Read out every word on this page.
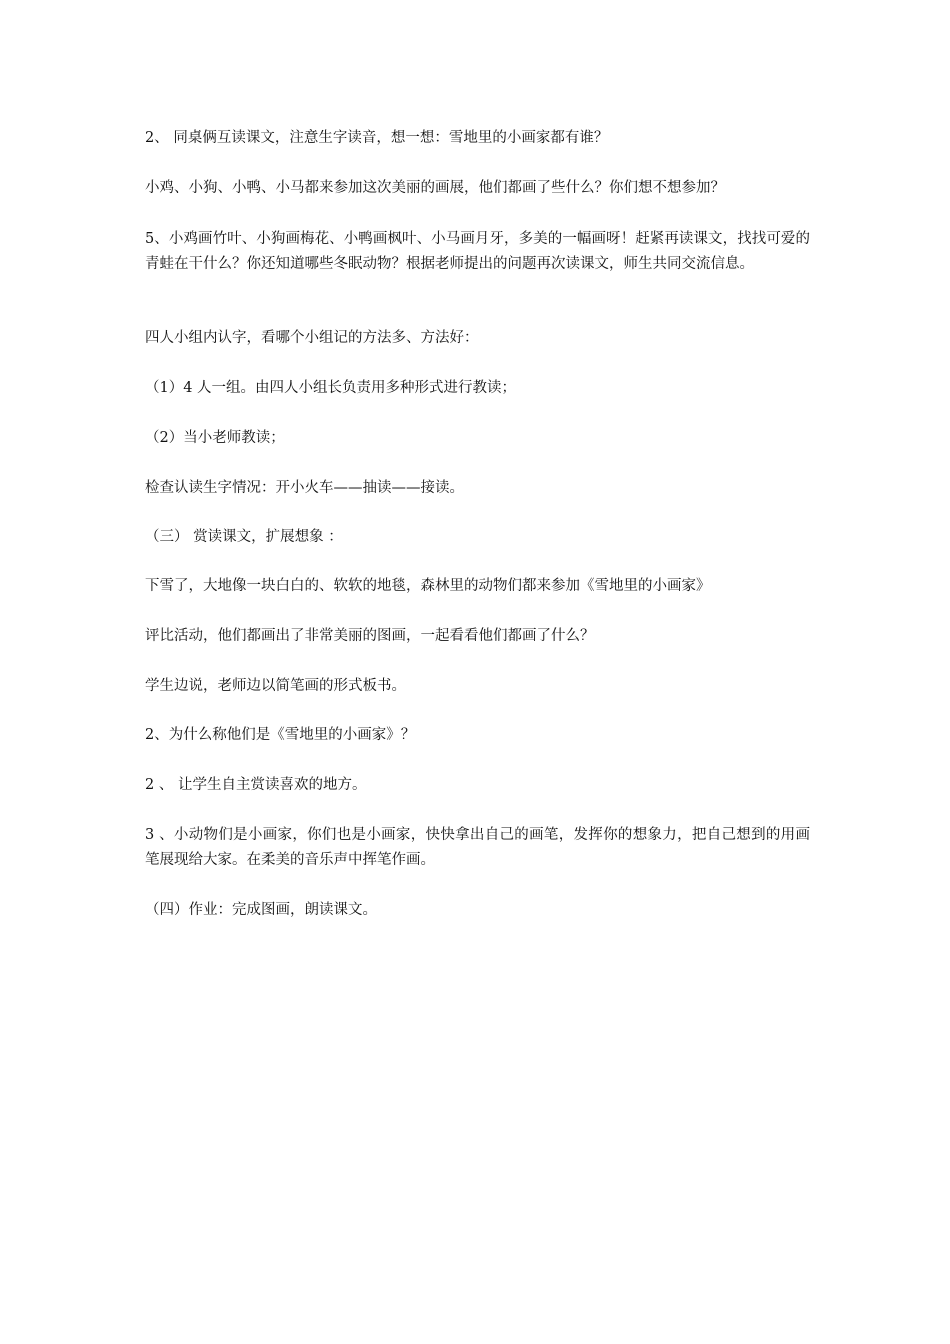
2、 同桌俩互读课文，注意生字读音，想一想：雪地里的小画家都有谁？

小鸡、小狗、小鸭、小马都来参加这次美丽的画展，他们都画了些什么？你们想不想参加？

5、小鸡画竹叶、小狗画梅花、小鸭画枫叶、小马画月牙，多美的一幅画呀！赶紧再读课文，找找可爱的青蛙在干什么？你还知道哪些冬眠动物？根据老师提出的问题再次读课文，师生共同交流信息。

四人小组内认字，看哪个小组记的方法多、方法好：

（1）4 人一组。由四人小组长负责用多种形式进行教读；

（2）当小老师教读；

检查认读生字情况：开小火车——抽读——接读。

（三） 赏读课文，扩展想象 ：

下雪了，大地像一块白白的、软软的地毯，森林里的动物们都来参加《雪地里的小画家》

评比活动，他们都画出了非常美丽的图画，一起看看他们都画了什么？

学生边说，老师边以简笔画的形式板书。

2、为什么称他们是《雪地里的小画家》？

2 、 让学生自主赏读喜欢的地方。

3 、小动物们是小画家，你们也是小画家，快快拿出自己的画笔，发挥你的想象力，把自己想到的用画笔展现给大家。在柔美的音乐声中挥笔作画。

（四）作业：完成图画，朗读课文。
